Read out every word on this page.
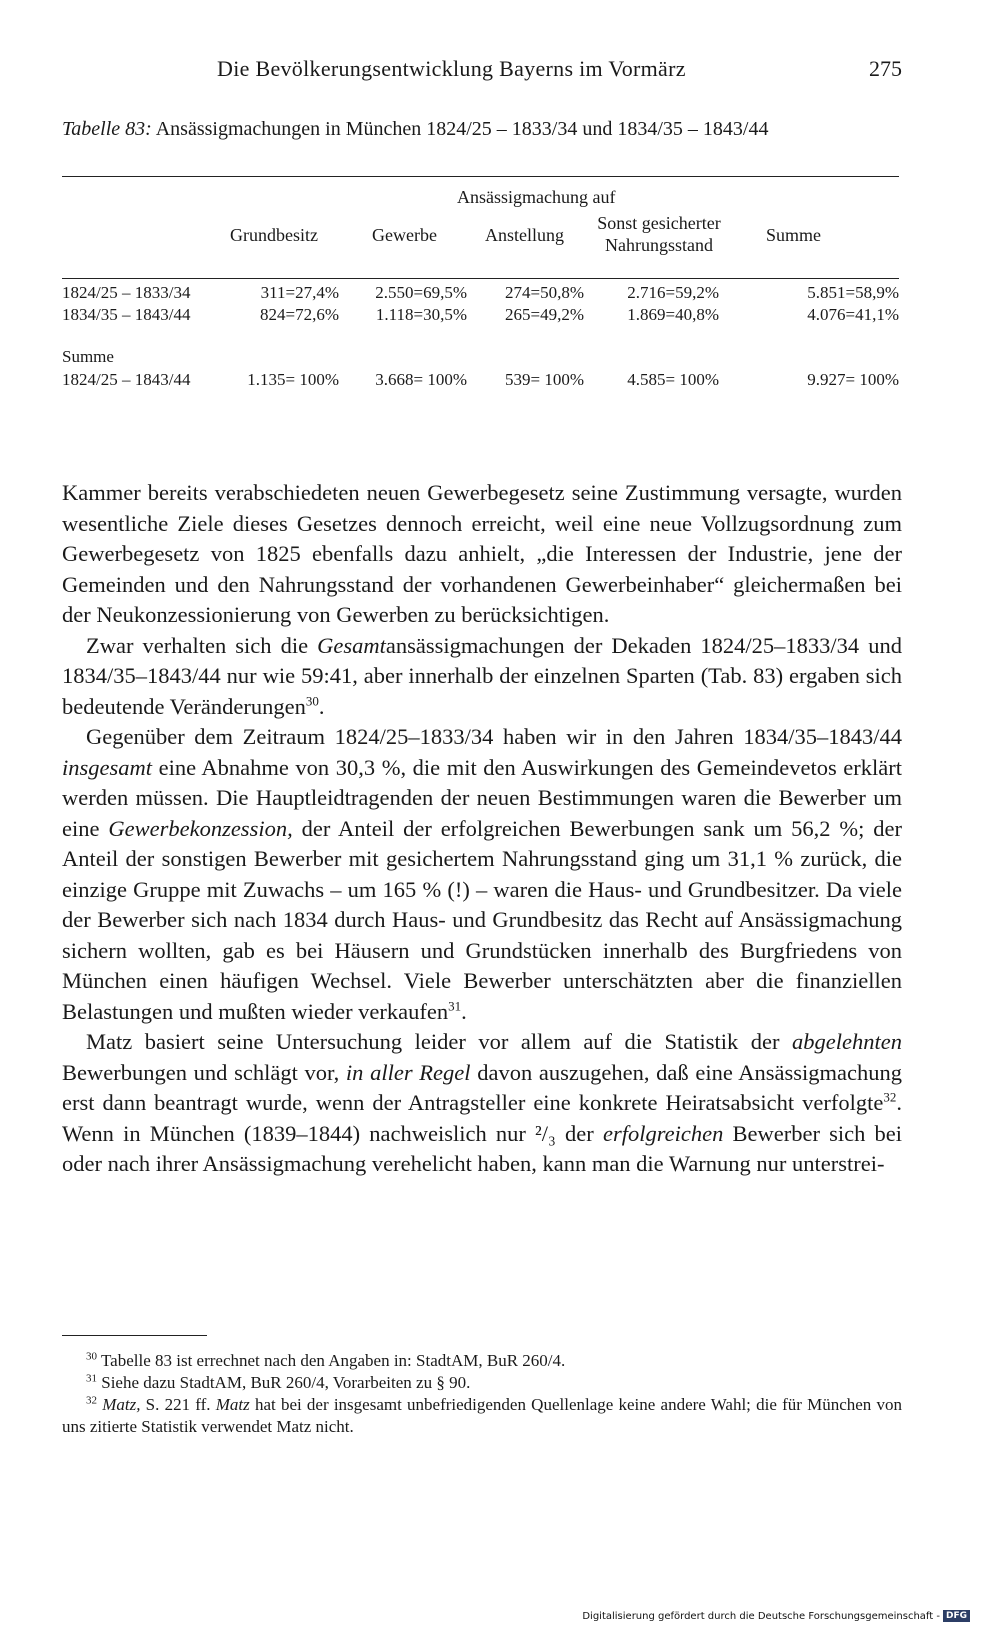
Die Bevölkerungsentwicklung Bayerns im Vormärz	275
Tabelle 83: Ansässigmachungen in München 1824/25 – 1833/34 und 1834/35 – 1843/44
Ansässigmachung auf
Grundbesitz	Gewerbe	Anstellung
Sonst gesicherter
Nahrungsstand	Summe
1824/25 – 1833/34	311=27,4% 2.550=69,5% 274=50,8%	2.716=59,2%	5.851=58,9%
1834/35 – 1843/44	824=72,6% 1.118=30,5% 265=49,2%	1.869=40,8%	4.076=41,1%
Summe
1824/25 – 1843/44	1.135= 100% 3.668= 100% 539= 100%	4.585= 100%	9.927= 100%

Kammer bereits verabschiedeten neuen Gewerbegesetz seine Zustimmung versagte, wurden wesentliche Ziele dieses Gesetzes dennoch erreicht, weil eine neue Vollzugsordnung zum Gewerbegesetz von 1825 ebenfalls dazu anhielt, „die Interessen der Industrie, jene der Gemeinden und den Nahrungsstand der vorhandenen Gewerbeinhaber“ gleichermaßen bei der Neukonzessionierung von Gewerben zu berücksichtigen.

Zwar verhalten sich die Gesamtansässigmachungen der Dekaden 1824/25–1833/34 und 1834/35–1843/44 nur wie 59:41, aber innerhalb der einzelnen Sparten (Tab. 83) ergaben sich bedeutende Veränderungen$^{30}$.

Gegenüber dem Zeitraum 1824/25–1833/34 haben wir in den Jahren 1834/35–1843/44 insgesamt eine Abnahme von 30,3 %, die mit den Auswirkungen des Gemeindevetos erklärt werden müssen. Die Hauptleidtragenden der neuen Bestimmungen waren die Bewerber um eine Gewerbekonzession, der Anteil der erfolgreichen Bewerbungen sank um 56,2 %; der Anteil der sonstigen Bewerber mit gesichertem Nahrungsstand ging um 31,1 % zurück, die einzige Gruppe mit Zuwachs – um 165 % (!) – waren die Haus- und Grundbesitzer. Da viele der Bewerber sich nach 1834 durch Haus- und Grundbesitz das Recht auf Ansässigmachung sichern wollten, gab es bei Häusern und Grundstücken innerhalb des Burgfriedens von München einen häufigen Wechsel. Viele Bewerber unterschätzten aber die finanziellen Belastungen und mußten wieder verkaufen$^{31}$.

Matz basiert seine Untersuchung leider vor allem auf die Statistik der abgelehnten Bewerbungen und schlägt vor, in aller Regel davon auszugehen, daß eine Ansässigmachung erst dann beantragt wurde, wenn der Antragsteller eine konkrete Heiratsabsicht verfolgte$^{32}$. Wenn in München (1839–1844) nachweislich nur ²/₃ der erfolgreichen Bewerber sich bei oder nach ihrer Ansässigmachung verehelicht haben, kann man die Warnung nur unterstrei-

$^{30}$ Tabelle 83 ist errechnet nach den Angaben in: StadtAM, BuR 260/4.

$^{31}$ Siehe dazu StadtAM, BuR 260/4, Vorarbeiten zu § 90.

$^{32}$ Matz, S. 221 ff. Matz hat bei der insgesamt unbefriedigenden Quellenlage keine andere Wahl; die für München von uns zitierte Statistik verwendet Matz nicht.

Digitalisierung gefördert durch die Deutsche Forschungsgemeinschaft - DFG
